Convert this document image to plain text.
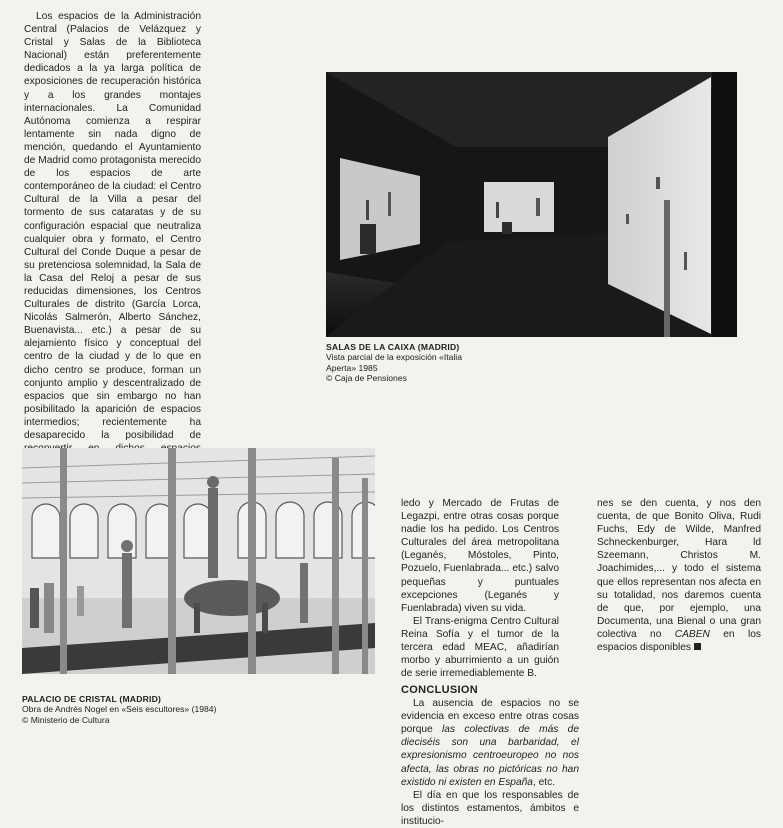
Los espacios de la Administración Central (Palacios de Velázquez y Cristal y Salas de la Biblioteca Nacional) están preferentemente dedicados a la ya larga política de exposiciones de recuperación histórica y a los grandes montajes internacionales. La Comunidad Autónoma comienza a respirar lentamente sin nada digno de mención, quedando el Ayuntamiento de Madrid como protagonista merecido de los espacios de arte contemporáneo de la ciudad: el Centro Cultural de la Villa a pesar del tormento de sus cataratas y de su configuración espacial que neutraliza cualquier obra y formato, el Centro Cultural del Conde Duque a pesar de su pretenciosa solemnidad, la Sala de la Casa del Reloj a pesar de sus reducidas dimensiones, los Centros Culturales de distrito (García Lorca, Nicolás Salmerón, Alberto Sánchez, Buenavista... etc.) a pesar de su alejamiento físico y conceptual del centro de la ciudad y de lo que en dicho centro se produce, forman un conjunto amplio y descentralizado de espacios que sin embargo no han posibilitado la aparición de espacios intermedios; recientemente ha desaparecido la posibilidad de

SALAS DE LA CAIXA (MADRID)
Vista parcial de la exposición «Italia
Aperta» 1985
© Caja de Pensiones
PALACIO DE CRISTAL (MADRID)
Obra de Andrés Nogel en «Seis escultores» (1984)
© Ministerio de Cultura

ledo y Mercado de Frutas de Legazpi, entre otras cosas porque nadie los ha pedido. Los Centros Culturales del área metropolitana (Leganés, Móstoles, Pinto, Pozuelo, Fuenlabrada... etc.) salvo pequeñas y puntuales excepciones (Leganés y Fuenlabrada) viven su vida.

El Trans-enigma Centro Cultural Reina Sofía y el tumor de la tercera edad MEAC, añadirían morbo y aburrimiento a un guión de serie irremediablemente B.

nes se den cuenta, y nos den cuenta, de que Bonito Oliva, Rudi Fuchs, Edy de Wilde, Manfred Schneckenburger, Hara ld Szeemann, Christos M. Joachimides,... y todo el sistema que ellos representan nos afecta en su totalidad, nos daremos cuenta de que, por ejemplo, una Documenta, una Bienal o una gran colectiva no CABEN en los espacios disponibles

CONCLUSION

La ausencia de espacios no se evidencia en exceso entre otras cosas porque las colectivas de más de dieciséis son una barbaridad, el expresionismo centroeuropeo no nos afecta, las obras no pictóricas no han existido ni existen en España, etc.

El día en que los responsables de los distintos estamentos, ámbitos e institucio-
